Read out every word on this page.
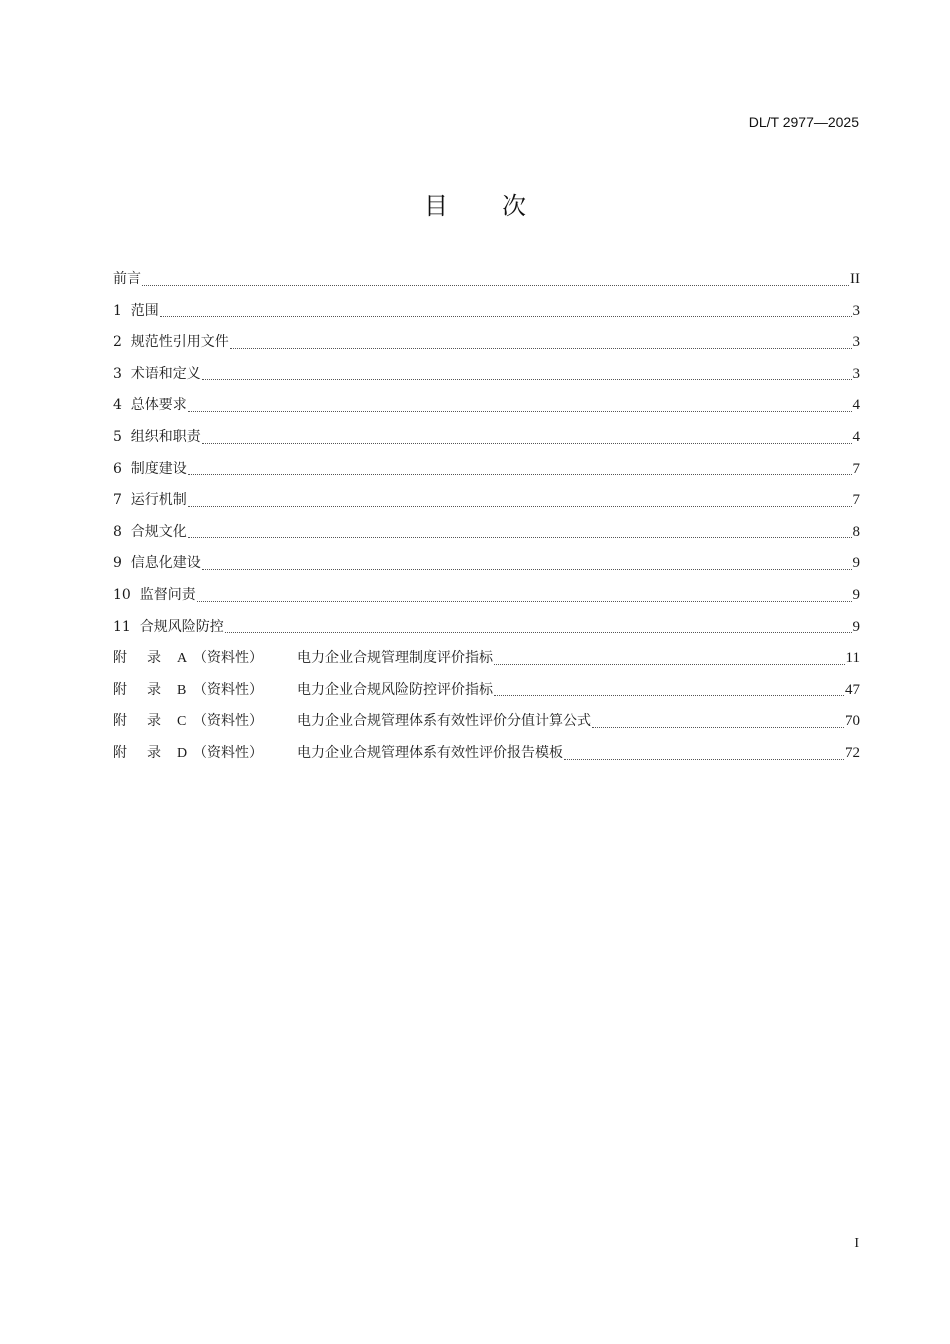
DL/T 2977—2025
目 次
前言	II
1  范围	3
2  规范性引用文件	3
3  术语和定义	3
4  总体要求	4
5  组织和职责	4
6  制度建设	7
7  运行机制	7
8  合规文化	8
9  信息化建设	9
10  监督问责	9
11  合规风险防控	9
附 录 A （资料性） 电力企业合规管理制度评价指标	11
附 录 B （资料性） 电力企业合规风险防控评价指标	47
附 录 C （资料性） 电力企业合规管理体系有效性评价分值计算公式	70
附 录 D （资料性） 电力企业合规管理体系有效性评价报告模板	72
I
